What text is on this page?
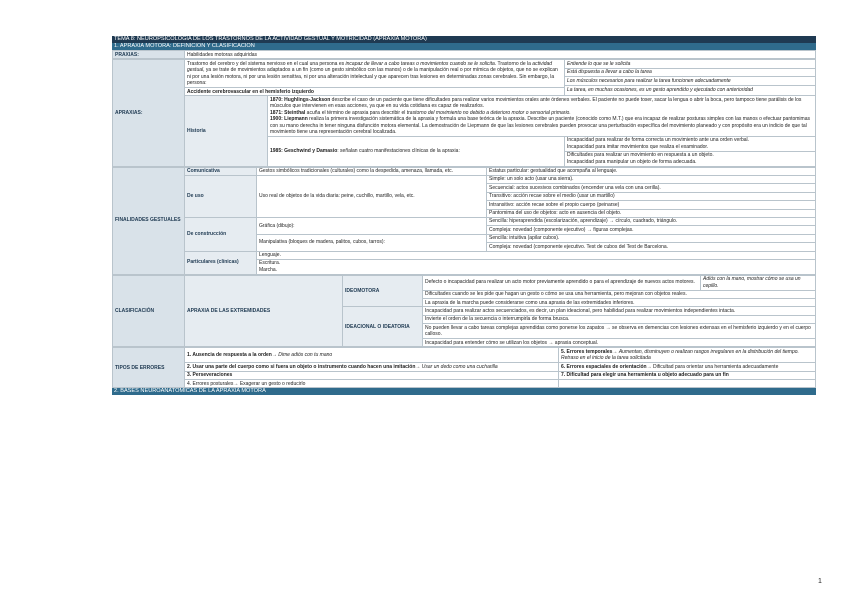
TEMA 8: NEUROPSICOLOGÍA DE LOS TRASTORNOS DE LA ACTIVIDAD GESTUAL Y MOTRICIDAD (APRAXIA MOTORA)
1. APRAXIA MOTORA: DEFINICIÓN Y CLASIFICACIÓN
PRAXIAS:	Habilidades motoras adquiridas
APRAXIAS:	Trastorno del cerebro y del sistema nervioso en el cual una persona es incapaz de llevar a cabo tareas o movimientos cuando se le solicita. Trastorno de la actividad gestual, ya se trate de movimientos adaptados a un fin (como un gesto simbólico con las manos) o de la manipulación real o por mímica de objetos, que no se explican ni por una lesión motora, ni por una lesión sensitiva, ni por una alteración intelectual y que aparecen tras lesiones en determinadas zonas cerebrales. Sin embargo, la persona:		Entiende lo que se le solicita
			Está dispuesta a llevar a cabo la tarea
			Los músculos necesarios para realizar la tarea funcionen adecuadamente
			La tarea, en muchas ocasiones, es un gesto aprendido y ejecutado con anterioridad
	Accidente cerebrovascular en el hemisferio izquierdo		
	Historia	1870: Hughlings-Jackson describe el caso de un paciente que tiene dificultades para realizar varios movimientos orales ante órdenes verbales. El paciente no puede toser, sacar la lengua o abrir la boca, pero tampoco tiene parálisis de los músculos que intervienen en esas acciones, ya que en su vida cotidiana es capaz de realizarlos.
1871: Steinthal acuña el término de apraxia para describir el trastorno del movimiento no debido a deterioro motor o sensorial primario.
1900: Liepmann realiza la primera investigación sistemática de la apraxia y formula una base teórica de la apraxia. Describe un paciente (conocido como M.T.) que era incapaz de realizar posturas simples con las manos o efectuar pantomimas con su mano derecha in tener ninguna disfunción motora elemental. La demostración de Liepmann de que las lesiones cerebrales pueden provocar una perturbación específica del movimiento planeado y con propósito era un indicio de que tal movimiento tiene una representación cerebral localizada.	
		1985: Geschwind y Damasio: señalan cuatro manifestaciones clínicas de la apraxia:	Incapacidad para realizar de forma correcta un movimiento ante una orden verbal.
Incapacidad para imitar movimientos que realiza el examinador.

			Dificultades para realizar un movimiento en respuesta a un objeto.
Incapacidad para manipular un objeto de forma adecuada.
FINALIDADES GESTUALES	Comunicativa	Gestos simbólicos tradicionales (culturales) como la despedida, amenaza, llamada, etc.	Estatus particular: gestualidad que acompaña al lenguaje.
	De uso	Uso real de objetos de la vida diaria: peine, cuchillo, martillo, vela, etc.	Simple: un solo acto (usar una sierra).
			Secuencial: actos sucesivos combinados (encender una vela con una cerilla).
			Transitivo: acción recae sobre el medio (usar un martillo)
			Intransitivo: acción recae sobre el propio cuerpo (peinarse)
			Pantomima del uso de objetos: acto en ausencia del objeto.
	De construcción	Gráfica (dibujo):	Sencilla: hiperaprendida (escolarización, aprendizaje) → círculo, cuadrado, triángulo.
			Compleja: novedad (componente ejecutivo) → figuras complejas.
		Manipulativa (bloques de madera, palitos, cubos, tarros):	Sencilla: intuitiva (apilar cubos).
			Compleja: novedad (componente ejecutivo. Test de cubos del Test de Barcelona.
	Particulares (clínicas)	Lenguaje.	

		Escritura.
Marcha.	
CLASIFICACIÓN	APRAXIA DE LAS EXTREMIDADES	IDEOMOTORA	Defecto o incapacidad para realizar un acto motor previamente aprendido o para el aprendizaje de nuevos actos motores.	Adiós con la mano, mostrar cómo se usa un cepillo.
			Dificultades cuando se les pide que hagan un gesto o cómo se usa una herramienta, pero mejoran con objetos reales.	
			La apraxia de la marcha puede considerarse como una apraxia de las extremidades inferiores.	
		IDEACIONAL O IDEATORIA	Incapacidad para realizar actos secuenciados, es decir, un plan ideacional, pero habilidad para realizar movimientos independientes intacta.	
			Invierte el orden de la secuencia o interrumpirla de forma brusca.	
			No pueden llevar a cabo tareas complejas aprendidas como ponerse los zapatos → se observa en demencias con lesiones extensas en el hemisferio izquierdo y en el cuerpo calloso.	
			Incapacidad para entender cómo se utilizan los objetos → apraxia conceptual.	
TIPOS DE ERRORES	1. Ausencia de respuesta a la orden → Dime adiós con tu mano	5. Errores temporales → Aumentan, disminuyen o realizan rasgos irregulares en la distribución del tiempo. Retraso en el inicio de la tarea solicitada
	2. Usar una parte del cuerpo como si fuera un objeto o instrumento cuando hacen una imitación → Usar un dedo como una cucharilla	6. Errores espaciales de orientación → Dificultad para orientar una herramienta adecuadamente
	3. Perseveraciones	7. Dificultad para elegir una herramienta u objeto adecuado para un fin
	4. Errores posturales → Exagerar un gesto o reducirlo	
2. BASES NEUROANATÓMICAS DE LA APRAXIA MOTORA
1
